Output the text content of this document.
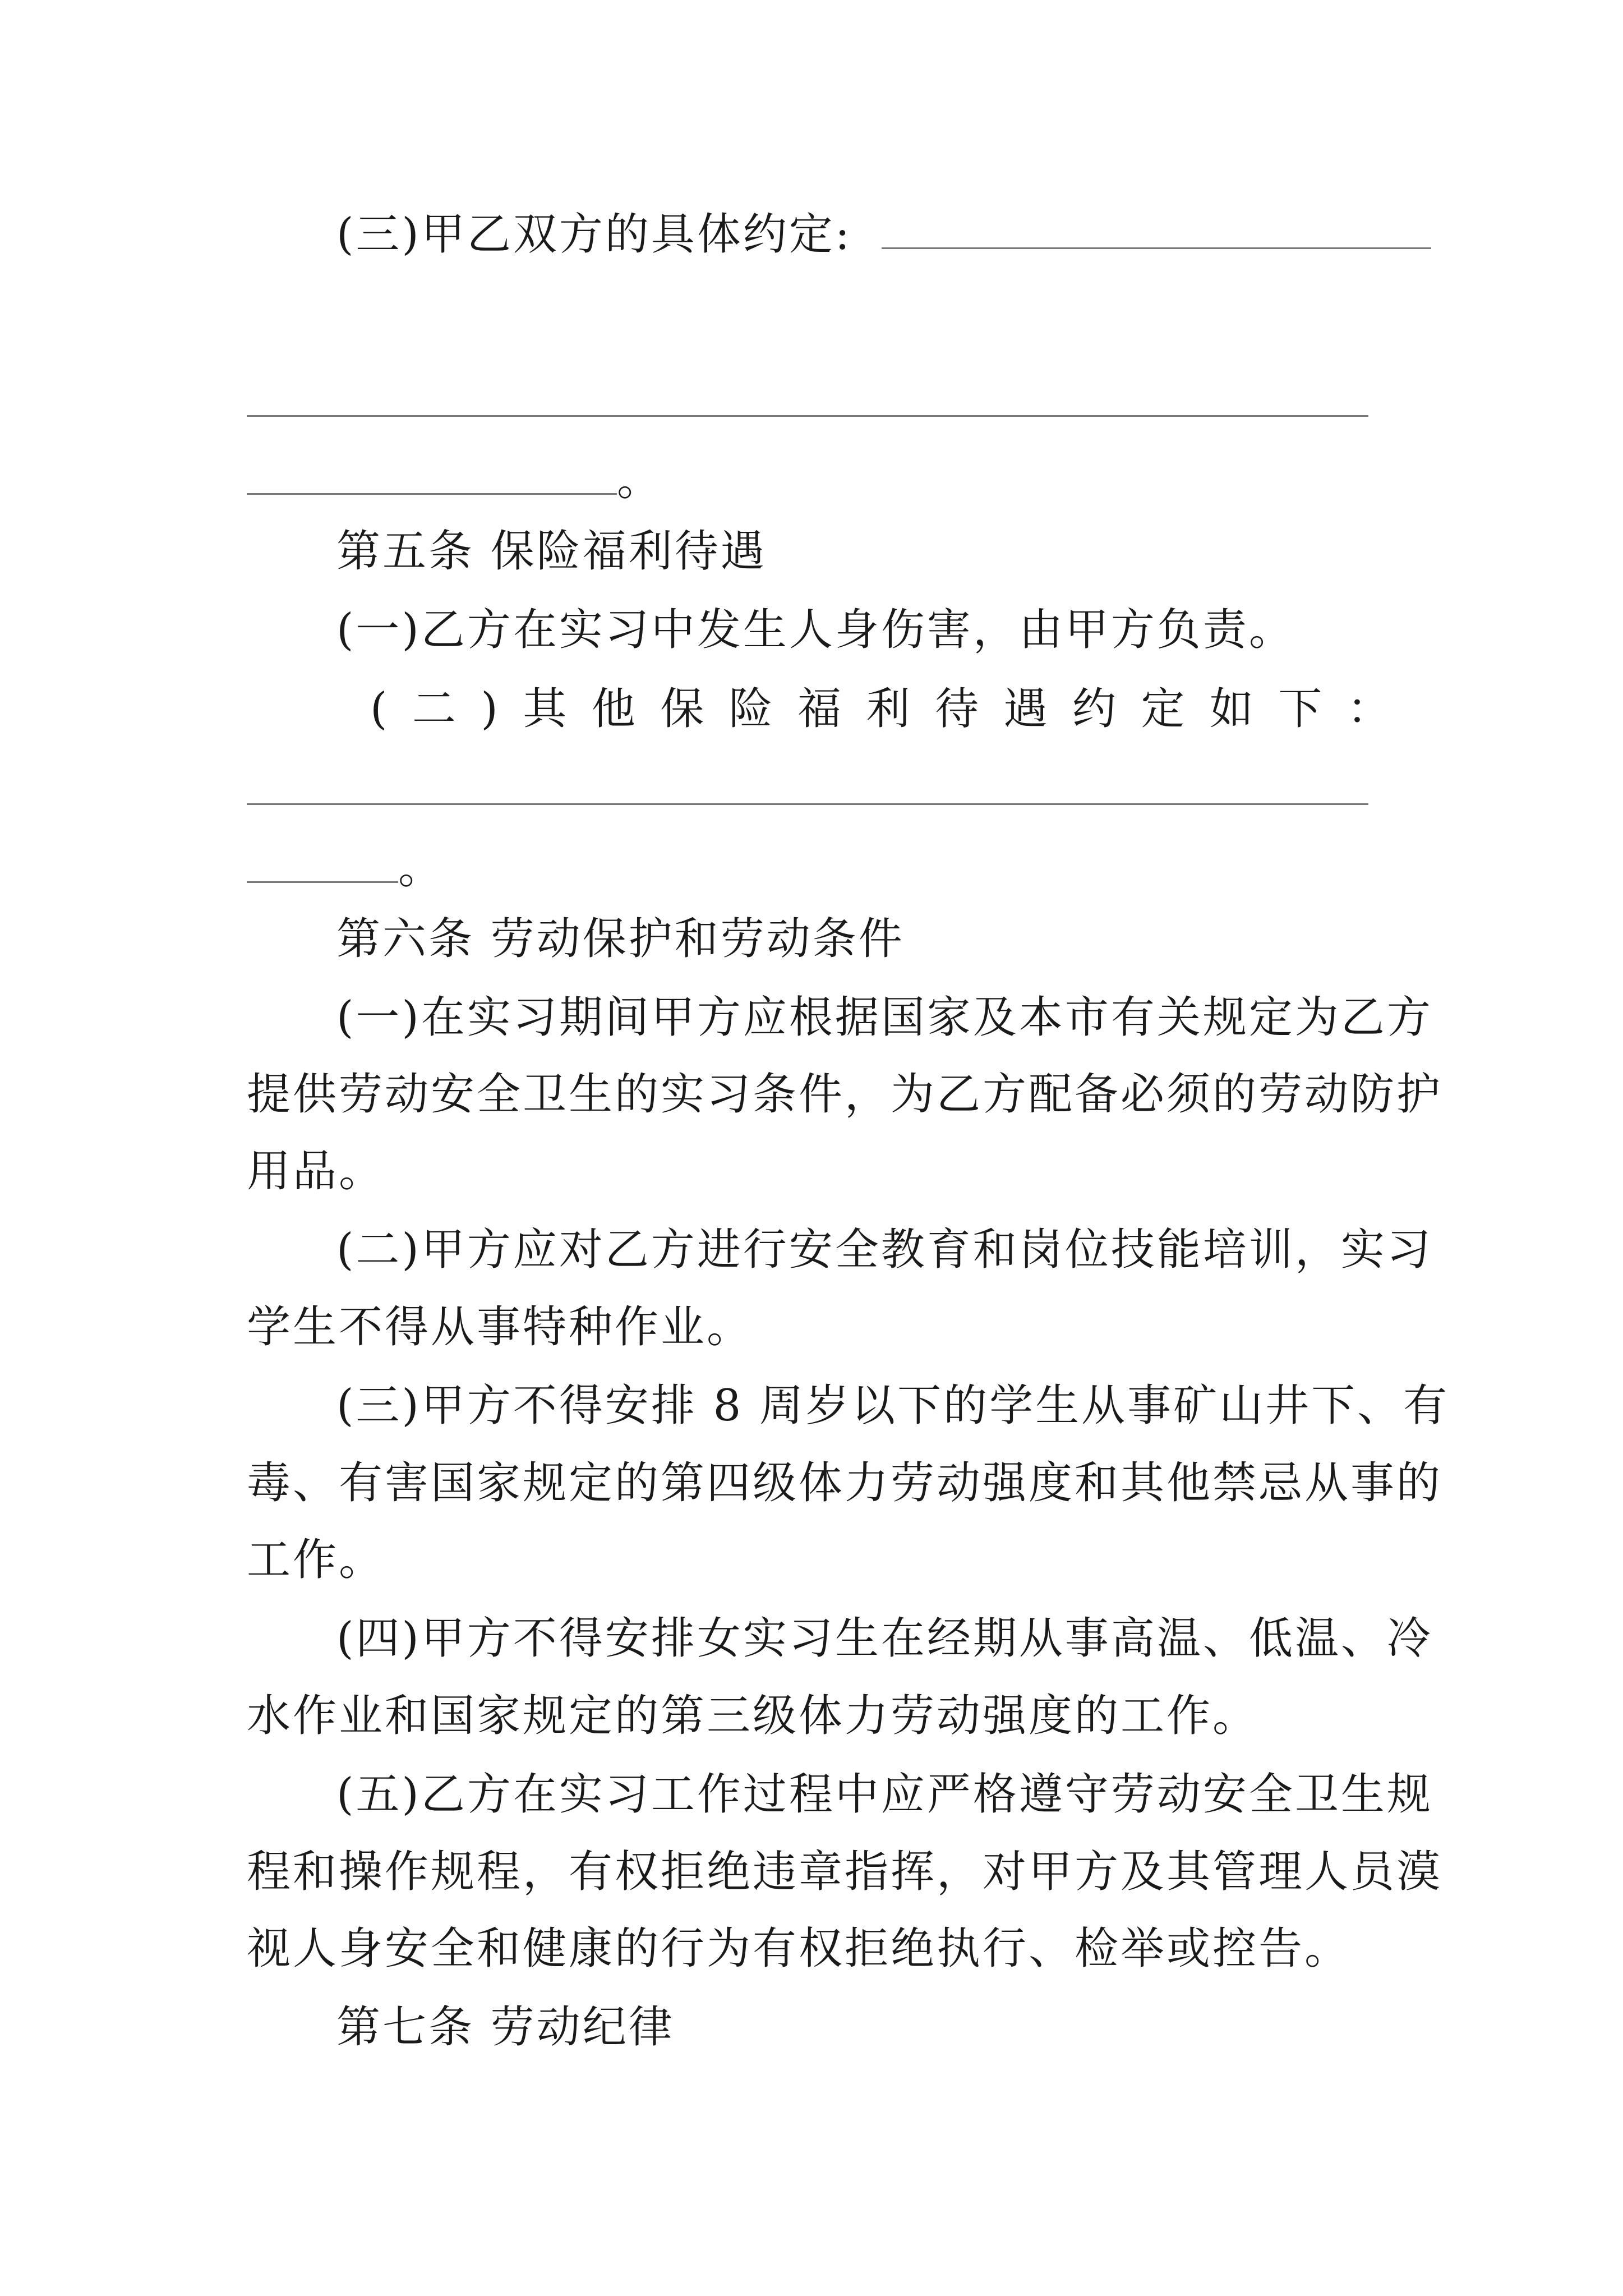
(三)甲乙双方的具体约定:
。
第五条 保险福利待遇
(一)乙方在实习中发生人身伤害，由甲方负责。
( 二 ) 其 他 保 险 福 利 待 遇 约 定 如 下 ：
。
第六条 劳动保护和劳动条件
(一)在实习期间甲方应根据国家及本市有关规定为乙方
提供劳动安全卫生的实习条件，为乙方配备必须的劳动防护
用品。
(二)甲方应对乙方进行安全教育和岗位技能培训，实习
学生不得从事特种作业。
(三)甲方不得安排 8 周岁以下的学生从事矿山井下、有
毒、有害国家规定的第四级体力劳动强度和其他禁忌从事的
工作。
(四)甲方不得安排女实习生在经期从事高温、低温、冷
水作业和国家规定的第三级体力劳动强度的工作。
(五)乙方在实习工作过程中应严格遵守劳动安全卫生规
程和操作规程，有权拒绝违章指挥，对甲方及其管理人员漠
视人身安全和健康的行为有权拒绝执行、检举或控告。
第七条 劳动纪律
